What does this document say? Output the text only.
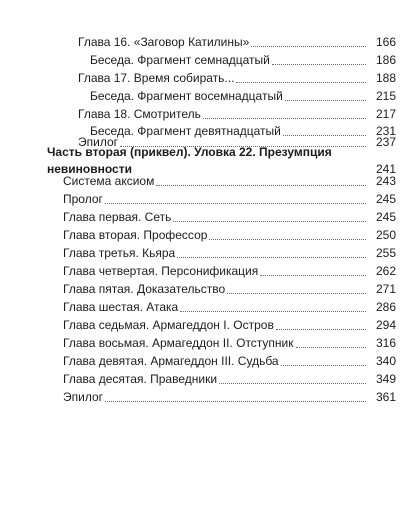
Глава 16. «Заговор Катилины»	166
Беседа. Фрагмент семнадцатый	186
Глава 17. Время собирать...	188
Беседа. Фрагмент восемнадцатый	215
Глава 18. Смотритель	217
Беседа. Фрагмент девятнадцатый	231
Эпилог	237
Часть вторая (приквел). Уловка 22. Презумпция невиновности	241
Система аксиом	243
Пролог	245
Глава первая. Сеть	245
Глава вторая. Профессор	250
Глава третья. Кьяра	255
Глава четвертая. Персонификация	262
Глава пятая. Доказательство	271
Глава шестая. Атака	286
Глава седьмая. Армагеддон I. Остров	294
Глава восьмая. Армагеддон II. Отступник	316
Глава девятая. Армагеддон III. Судьба	340
Глава десятая. Праведники	349
Эпилог	361
